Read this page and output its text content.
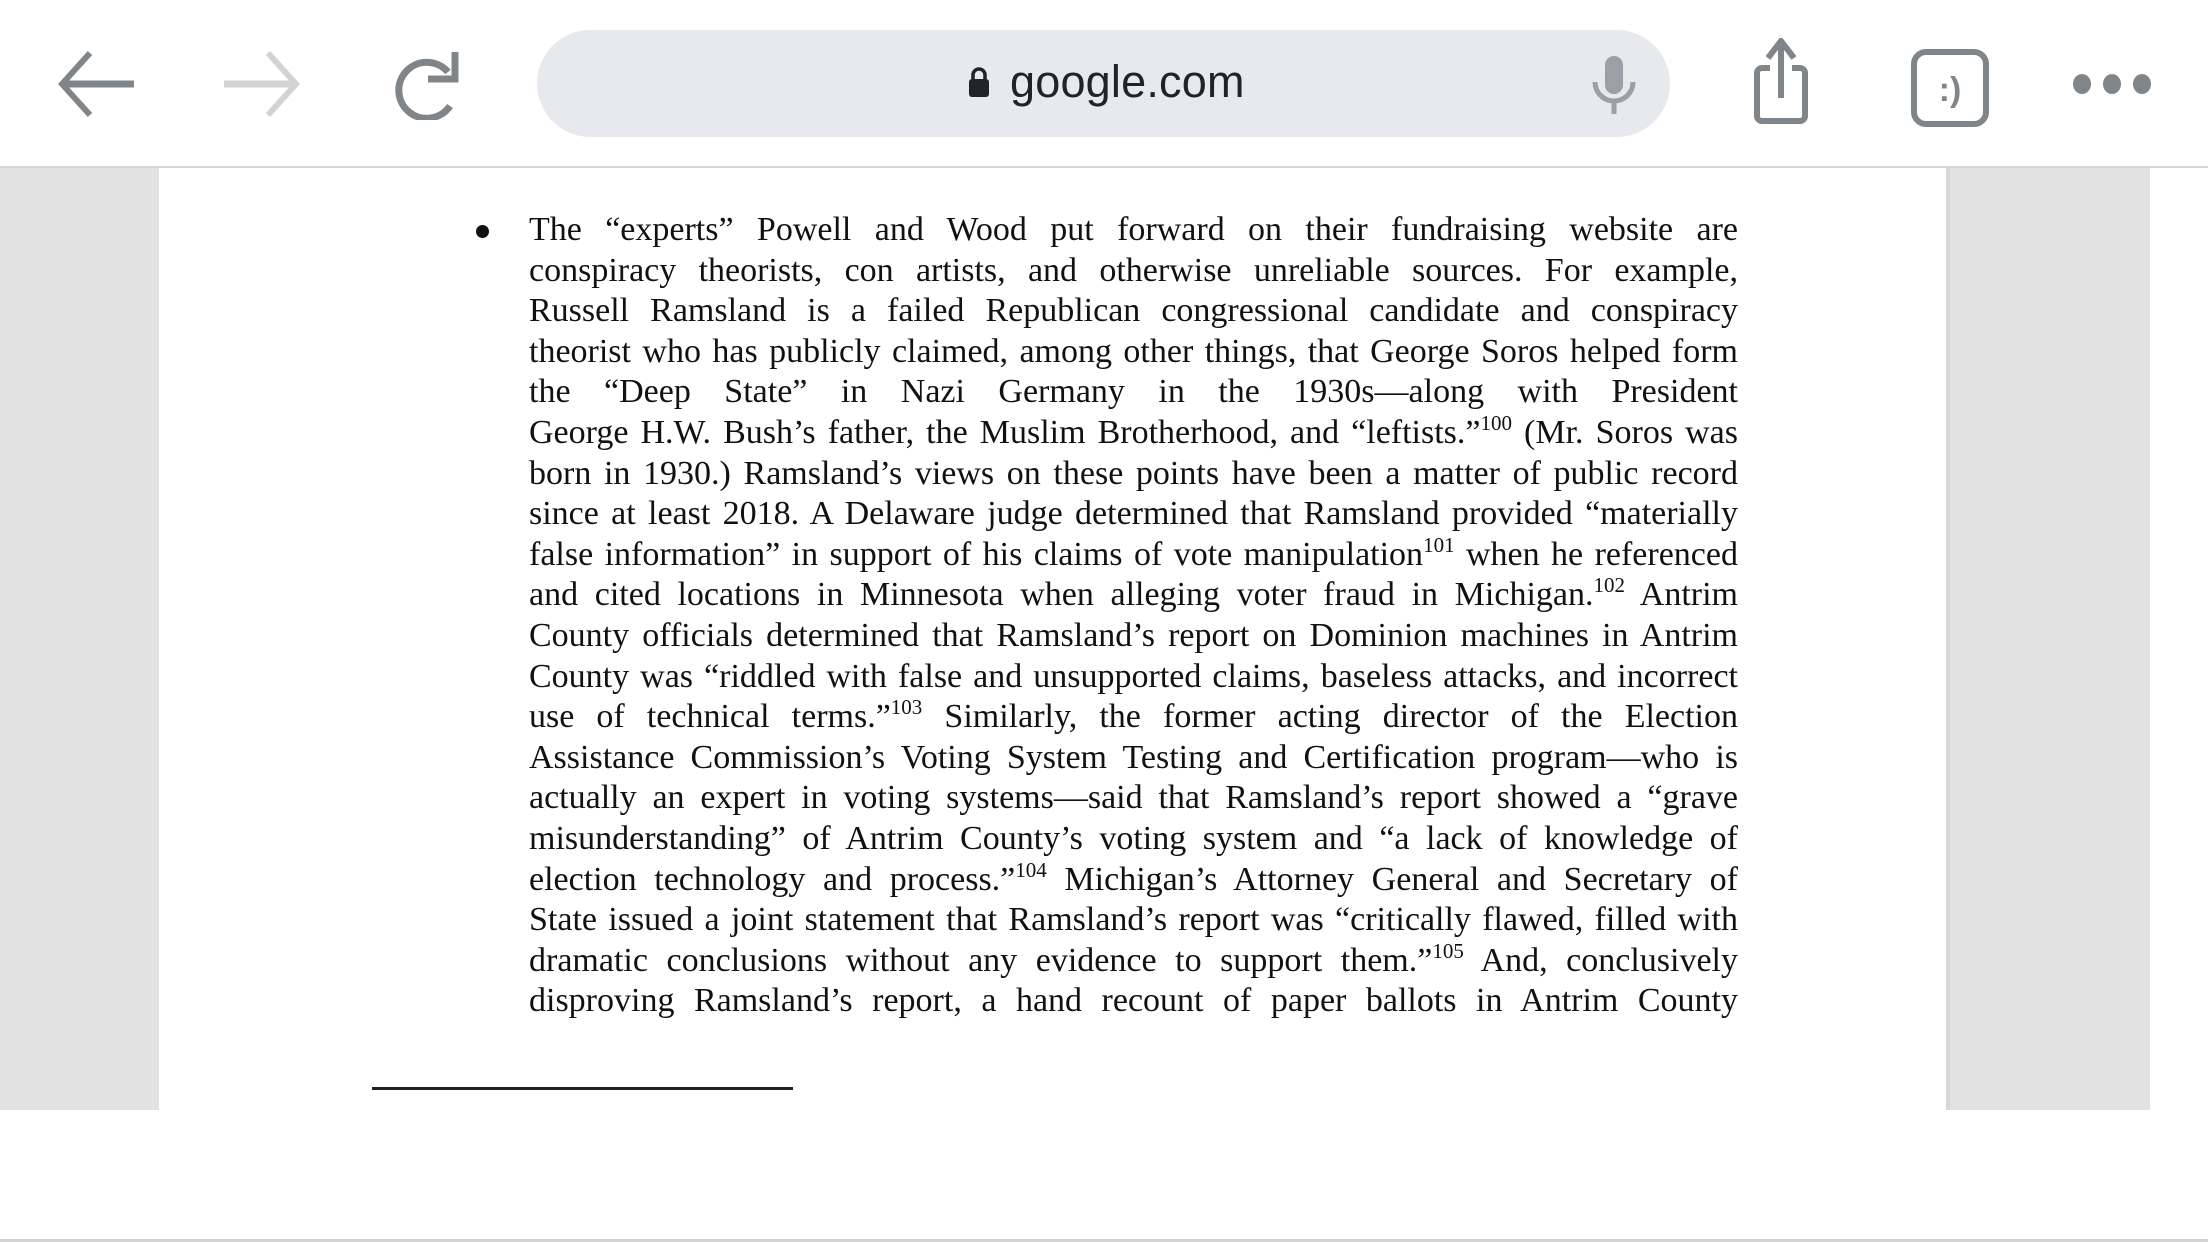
google.com	:)
The “experts” Powell and Wood put forward on their fundraising website are
conspiracy theorists, con artists, and otherwise unreliable sources. For example,
Russell Ramsland is a failed Republican congressional candidate and conspiracy
theorist who has publicly claimed, among other things, that George Soros helped form
the “Deep State” in Nazi Germany in the 1930s—along with President
George H.W. Bush’s father, the Muslim Brotherhood, and “leftists.”$^{100}$ (Mr. Soros was
born in 1930.) Ramsland’s views on these points have been a matter of public record
since at least 2018. A Delaware judge determined that Ramsland provided “materially
false information” in support of his claims of vote manipulation$^{101}$ when he referenced
and cited locations in Minnesota when alleging voter fraud in Michigan.$^{102}$ Antrim
County officials determined that Ramsland’s report on Dominion machines in Antrim
County was “riddled with false and unsupported claims, baseless attacks, and incorrect
use of technical terms.”$^{103}$ Similarly, the former acting director of the Election
Assistance Commission’s Voting System Testing and Certification program—who is
actually an expert in voting systems—said that Ramsland’s report showed a “grave
misunderstanding” of Antrim County’s voting system and “a lack of knowledge of
election technology and process.”$^{104}$ Michigan’s Attorney General and Secretary of
State issued a joint statement that Ramsland’s report was “critically flawed, filled with
dramatic conclusions without any evidence to support them.”$^{105}$ And, conclusively
disproving Ramsland’s report, a hand recount of paper ballots in Antrim County
